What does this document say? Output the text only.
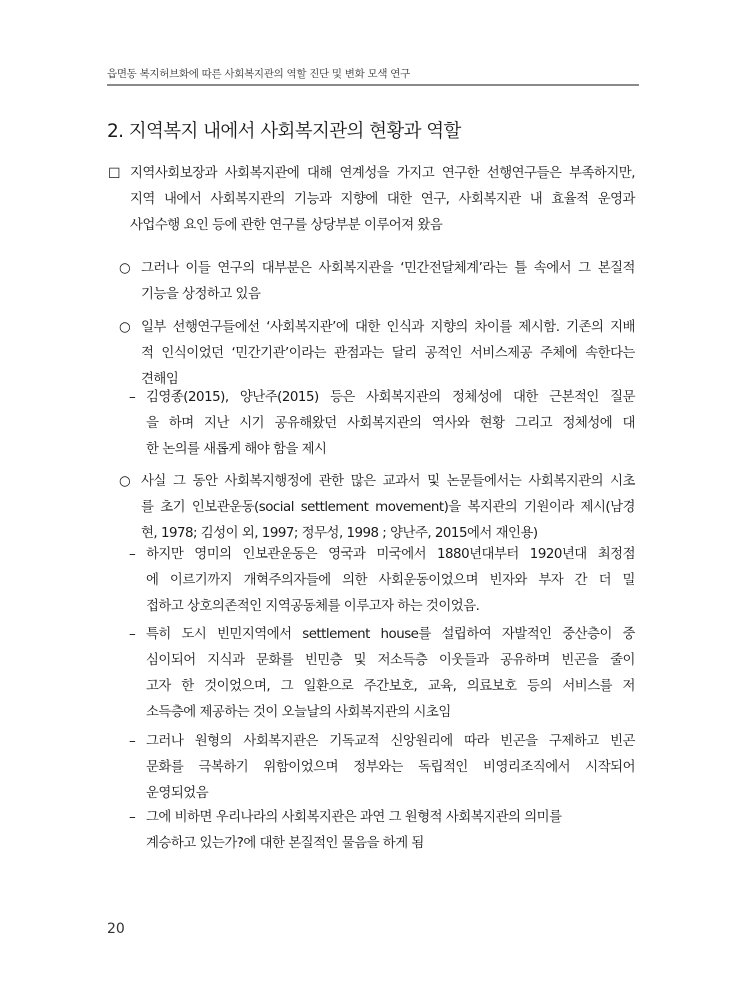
읍면동 복지허브화에 따른 사회복지관의 역할 진단 및 변화 모색 연구
2. 지역복지 내에서 사회복지관의 현황과 역할
☐ 지역사회보장과 사회복지관에 대해 연계성을 가지고 연구한 선행연구들은 부족하지만,
지역 내에서 사회복지관의 기능과 지향에 대한 연구, 사회복지관 내 효율적 운영과
사업수행 요인 등에 관한 연구를 상당부분 이루어져 왔음
○ 그러나 이들 연구의 대부분은 사회복지관을 ‘민간전달체계’라는 틀 속에서 그 본질적
기능을 상정하고 있음
○ 일부 선행연구들에선 ‘사회복지관’에 대한 인식과 지향의 차이를 제시함. 기존의 지배
적 인식이었던 ‘민간기관’이라는 관점과는 달리 공적인 서비스제공 주체에 속한다는
견해임
– 김영종(2015), 양난주(2015) 등은 사회복지관의 정체성에 대한 근본적인 질문
을 하며 지난 시기 공유해왔던 사회복지관의 역사와 현황 그리고 정체성에 대
한 논의를 새롭게 해야 함을 제시
○ 사실 그 동안 사회복지행정에 관한 많은 교과서 및 논문들에서는 사회복지관의 시초
를 초기 인보관운동(social settlement movement)을 복지관의 기원이라 제시(남경
현, 1978; 김성이 외, 1997; 정무성, 1998 ; 양난주, 2015에서 재인용)
– 하지만 영미의 인보관운동은 영국과 미국에서 1880년대부터 1920년대 최정점
에 이르기까지 개혁주의자들에 의한 사회운동이었으며 빈자와 부자 간 더 밀
접하고 상호의존적인 지역공동체를 이루고자 하는 것이었음.
– 특히 도시 빈민지역에서 settlement house를 설립하여 자발적인 중산층이 중
심이되어 지식과 문화를 빈민층 및 저소득층 이웃들과 공유하며 빈곤을 줄이
고자 한 것이었으며, 그 일환으로 주간보호, 교육, 의료보호 등의 서비스를 저
소득층에 제공하는 것이 오늘날의 사회복지관의 시초임
– 그러나 원형의 사회복지관은 기독교적 신앙원리에 따라 빈곤을 구제하고 빈곤
문화를 극복하기 위함이었으며 정부와는 독립적인 비영리조직에서 시작되어
운영되었음
– 그에 비하면 우리나라의 사회복지관은 과연 그 원형적 사회복지관의 의미를
계승하고 있는가?에 대한 본질적인 물음을 하게 됨
20
